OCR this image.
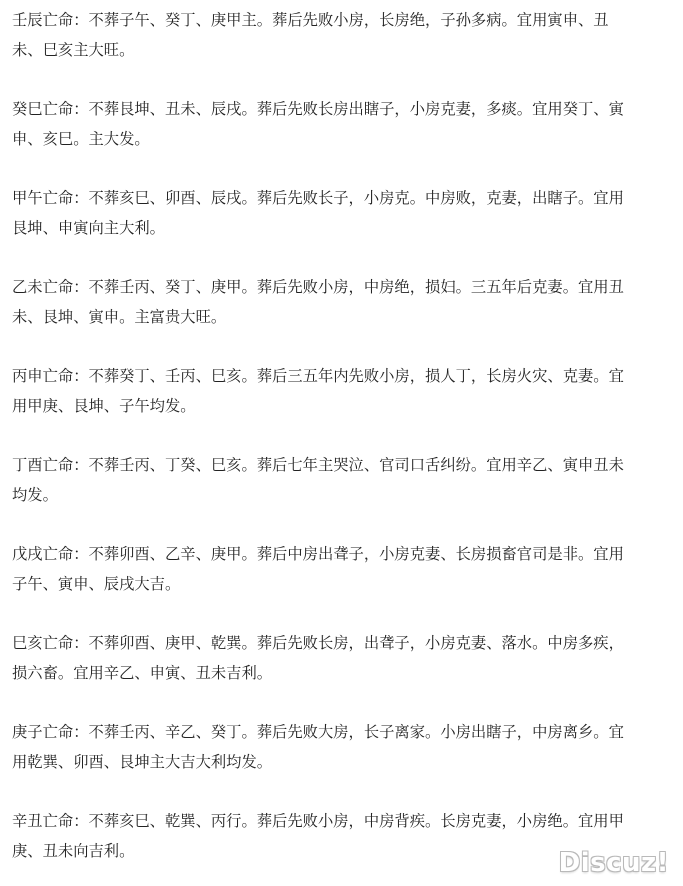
壬辰亡命：不葬子午、癸丁、庚甲主。葬后先败小房，长房绝，子孙多病。宜用寅申、丑
未、巳亥主大旺。

癸巳亡命：不葬艮坤、丑未、辰戌。葬后先败长房出瞎子，小房克妻，多痰。宜用癸丁、寅
申、亥巳。主大发。

甲午亡命：不葬亥巳、卯酉、辰戌。葬后先败长子，小房克。中房败，克妻，出瞎子。宜用
艮坤、申寅向主大利。

乙未亡命：不葬壬丙、癸丁、庚甲。葬后先败小房，中房绝，损妇。三五年后克妻。宜用丑
未、艮坤、寅申。主富贵大旺。

丙申亡命：不葬癸丁、壬丙、巳亥。葬后三五年内先败小房，损人丁，长房火灾、克妻。宜
用甲庚、艮坤、子午均发。

丁酉亡命：不葬壬丙、丁癸、巳亥。葬后七年主哭泣、官司口舌纠纷。宜用辛乙、寅申丑未
均发。

戊戌亡命：不葬卯酉、乙辛、庚甲。葬后中房出聋子，小房克妻、长房损畜官司是非。宜用
子午、寅申、辰戌大吉。

巳亥亡命：不葬卯酉、庚甲、乾巽。葬后先败长房，出聋子，小房克妻、落水。中房多疾，
损六畜。宜用辛乙、申寅、丑未吉利。

庚子亡命：不葬壬丙、辛乙、癸丁。葬后先败大房，长子离家。小房出瞎子，中房离乡。宜
用乾巽、卯酉、艮坤主大吉大利均发。

辛丑亡命：不葬亥巳、乾巽、丙行。葬后先败小房，中房背疾。长房克妻，小房绝。宜用甲
庚、丑未向吉利。	Discuz!
